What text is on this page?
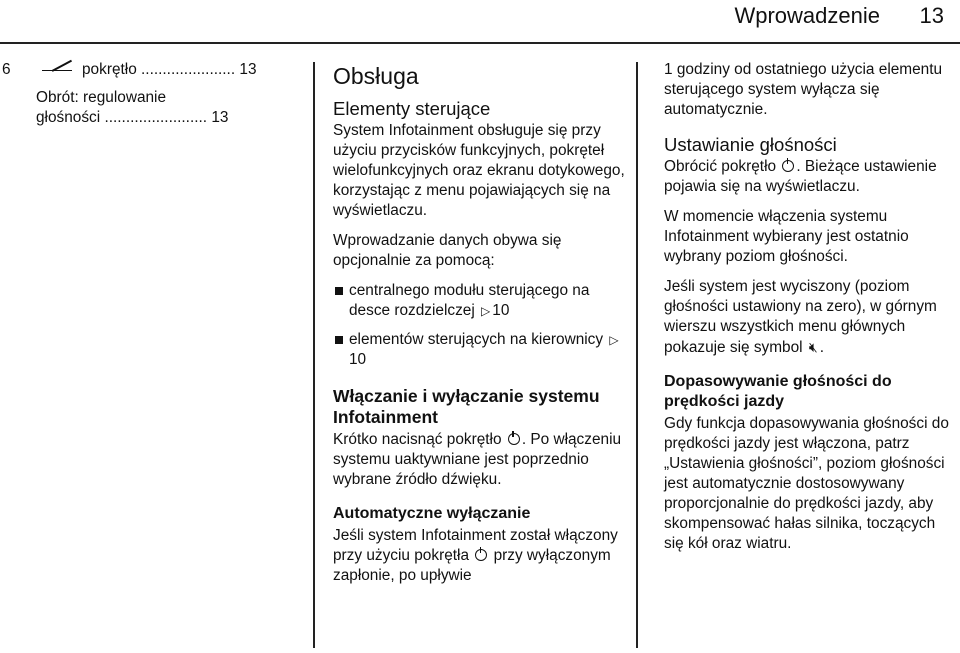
Wprowadzenie 13
6	pokrętło ...................... 13
Obrót: regulowanie
głośności ........................ 13
Obsługa
Elementy sterujące

System Infotainment obsługuje się przy użyciu przycisków funkcyjnych, pokręteł wielofunkcyjnych oraz ekranu dotykowego, korzystając z menu pojawiających się na wyświetlaczu.

Wprowadzanie danych obywa się opcjonalnie za pomocą:

centralnego modułu sterującego na desce rozdzielczej ▷ 10
elementów sterujących na kierownicy ▷10
Włączanie i wyłączanie systemu Infotainment

Krótko nacisnąć pokrętło . Po włączeniu systemu uaktywniane jest poprzednio wybrane źródło dźwięku.

Automatyczne wyłączanie

Jeśli system Infotainment został włączony przy użyciu pokrętła przy wyłączonym zapłonie, po upływie

1 godziny od ostatniego użycia elementu sterującego system wyłącza się automatycznie.

Ustawianie głośności

Obrócić pokrętło . Bieżące ustawienie pojawia się na wyświetlaczu.

W momencie włączenia systemu Infotainment wybierany jest ostatnio wybrany poziom głośności.

Jeśli system jest wyciszony (poziom głośności ustawiony na zero), w górnym wierszu wszystkich menu głównych pokazuje się symbol 🔇︎ .

Dopasowywanie głośności do prędkości jazdy

Gdy funkcja dopasowywania głośności do prędkości jazdy jest włączona, patrz „Ustawienia głośności”, poziom głośności jest automatycznie dostosowywany proporcjonalnie do prędkości jazdy, aby skompensować hałas silnika, toczących się kół oraz wiatru.
